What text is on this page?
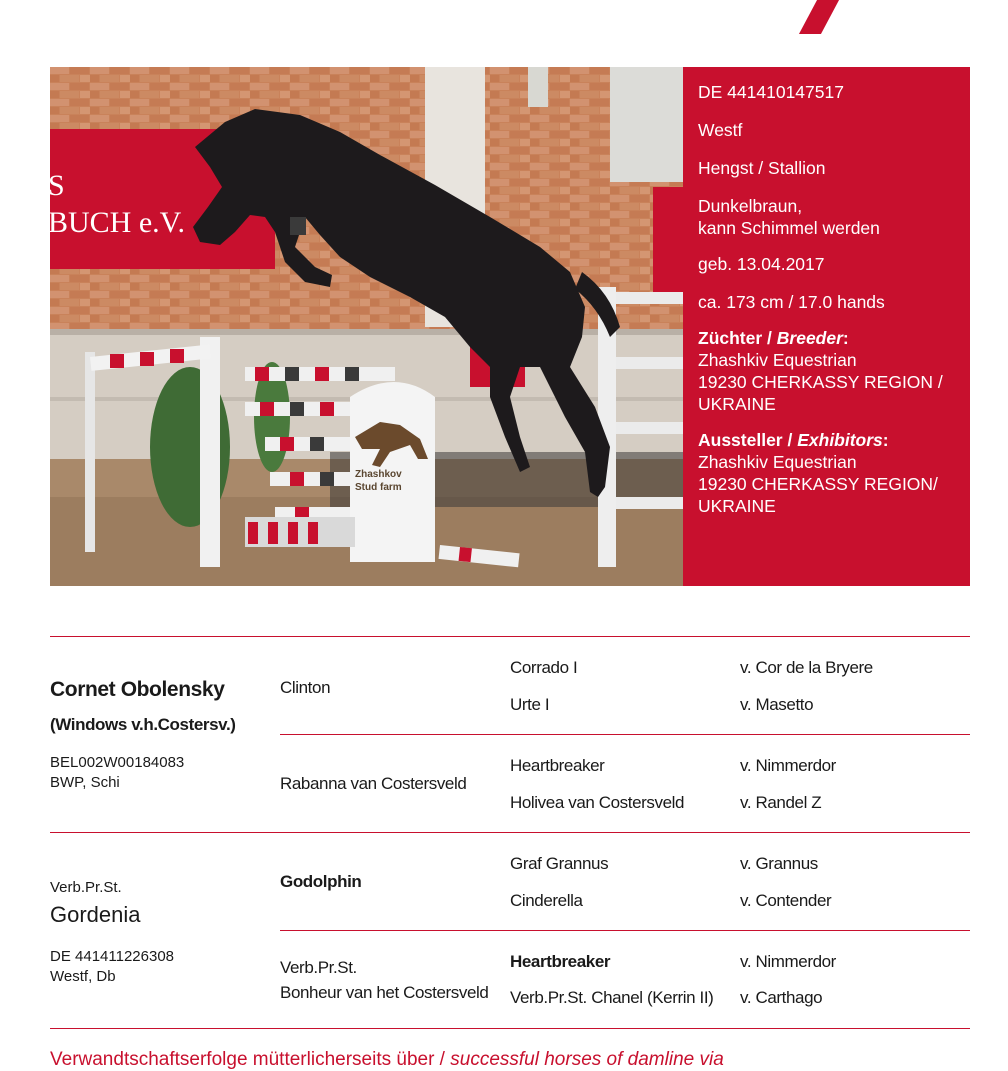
S
BUCH e.V.
Zhashkov
Stud farm
DE 441410147517
Westf
Hengst / Stallion
Dunkelbraun,
kann Schimmel werden
geb. 13.04.2017
ca. 173 cm / 17.0 hands
Züchter / Breeder:
Zhashkiv Equestrian
19230 CHERKASSY REGION /
UKRAINE
Aussteller / Exhibitors:
Zhashkiv Equestrian
19230 CHERKASSY REGION/
UKRAINE
Cornet Obolensky
(Windows v.h.Costersv.)
BEL002W00184083
BWP, Schi
Clinton
Corrado I	v. Cor de la Bryere
Urte I	v. Masetto
Rabanna van Costersveld
Heartbreaker	v. Nimmerdor
Holivea van Costersveld	v. Randel Z
Verb.Pr.St.
Gordenia
DE 441411226308
Westf, Db
Godolphin
Graf Grannus	v. Grannus
Cinderella	v. Contender
Verb.Pr.St.
Bonheur van het Costersveld
Heartbreaker	v. Nimmerdor
Verb.Pr.St. Chanel (Kerrin II) v. Carthago
Verwandtschaftserfolge mütterlicherseits über / successful horses of damline via
